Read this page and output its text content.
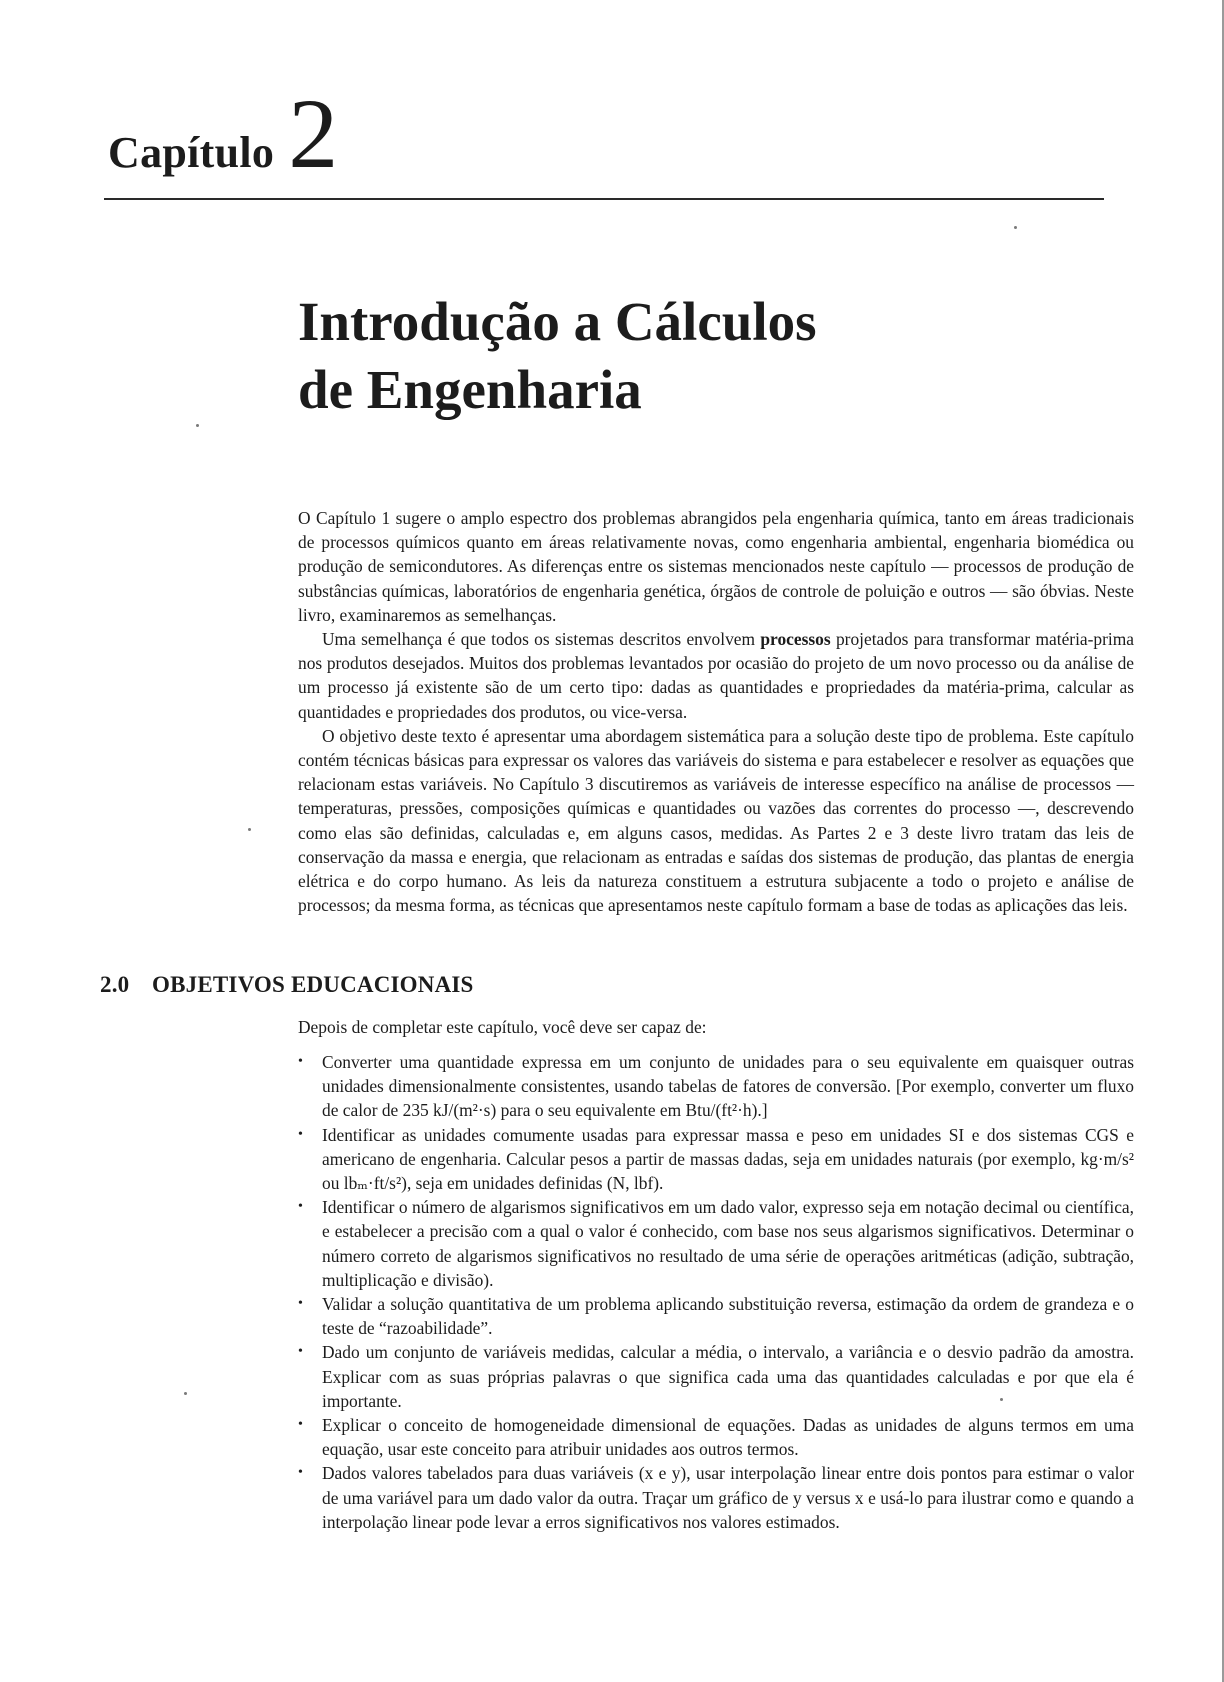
Capítulo 2
Introdução a Cálculos
de Engenharia

O Capítulo 1 sugere o amplo espectro dos problemas abrangidos pela engenharia química, tanto em áreas tradicionais de processos químicos quanto em áreas relativamente novas, como engenharia ambiental, engenharia biomédica ou produção de semicondutores. As diferenças entre os sistemas mencionados neste capítulo — processos de produção de substâncias químicas, laboratórios de engenharia genética, órgãos de controle de poluição e outros — são óbvias. Neste livro, examinaremos as semelhanças.

Uma semelhança é que todos os sistemas descritos envolvem processos projetados para transformar matéria-prima nos produtos desejados. Muitos dos problemas levantados por ocasião do projeto de um novo processo ou da análise de um processo já existente são de um certo tipo: dadas as quantidades e propriedades da matéria-prima, calcular as quantidades e propriedades dos produtos, ou vice-versa.

O objetivo deste texto é apresentar uma abordagem sistemática para a solução deste tipo de problema. Este capítulo contém técnicas básicas para expressar os valores das variáveis do sistema e para estabelecer e resolver as equações que relacionam estas variáveis. No Capítulo 3 discutiremos as variáveis de interesse específico na análise de processos — temperaturas, pressões, composições químicas e quantidades ou vazões das correntes do processo —, descrevendo como elas são definidas, calculadas e, em alguns casos, medidas. As Partes 2 e 3 deste livro tratam das leis de conservação da massa e energia, que relacionam as entradas e saídas dos sistemas de produção, das plantas de energia elétrica e do corpo humano. As leis da natureza constituem a estrutura subjacente a todo o projeto e análise de processos; da mesma forma, as técnicas que apresentamos neste capítulo formam a base de todas as aplicações das leis.

2.0 OBJETIVOS EDUCACIONAIS

Depois de completar este capítulo, você deve ser capaz de:

• Converter uma quantidade expressa em um conjunto de unidades para o seu equivalente em quaisquer outras unidades dimensionalmente consistentes, usando tabelas de fatores de conversão. [Por exemplo, converter um fluxo de calor de 235 kJ/(m²·s) para o seu equivalente em Btu/(ft²·h).]
• Identificar as unidades comumente usadas para expressar massa e peso em unidades SI e dos sistemas CGS e americano de engenharia. Calcular pesos a partir de massas dadas, seja em unidades naturais (por exemplo, kg·m/s² ou lbₘ·ft/s²), seja em unidades definidas (N, lbf).
• Identificar o número de algarismos significativos em um dado valor, expresso seja em notação decimal ou científica, e estabelecer a precisão com a qual o valor é conhecido, com base nos seus algarismos significativos. Determinar o número correto de algarismos significativos no resultado de uma série de operações aritméticas (adição, subtração, multiplicação e divisão).
• Validar a solução quantitativa de um problema aplicando substituição reversa, estimação da ordem de grandeza e o teste de “razoabilidade”.
• Dado um conjunto de variáveis medidas, calcular a média, o intervalo, a variância e o desvio padrão da amostra. Explicar com as suas próprias palavras o que significa cada uma das quantidades calculadas e por que ela é importante.
• Explicar o conceito de homogeneidade dimensional de equações. Dadas as unidades de alguns termos em uma equação, usar este conceito para atribuir unidades aos outros termos.
• Dados valores tabelados para duas variáveis (x e y), usar interpolação linear entre dois pontos para estimar o valor de uma variável para um dado valor da outra. Traçar um gráfico de y versus x e usá-lo para ilustrar como e quando a interpolação linear pode levar a erros significativos nos valores estimados.
